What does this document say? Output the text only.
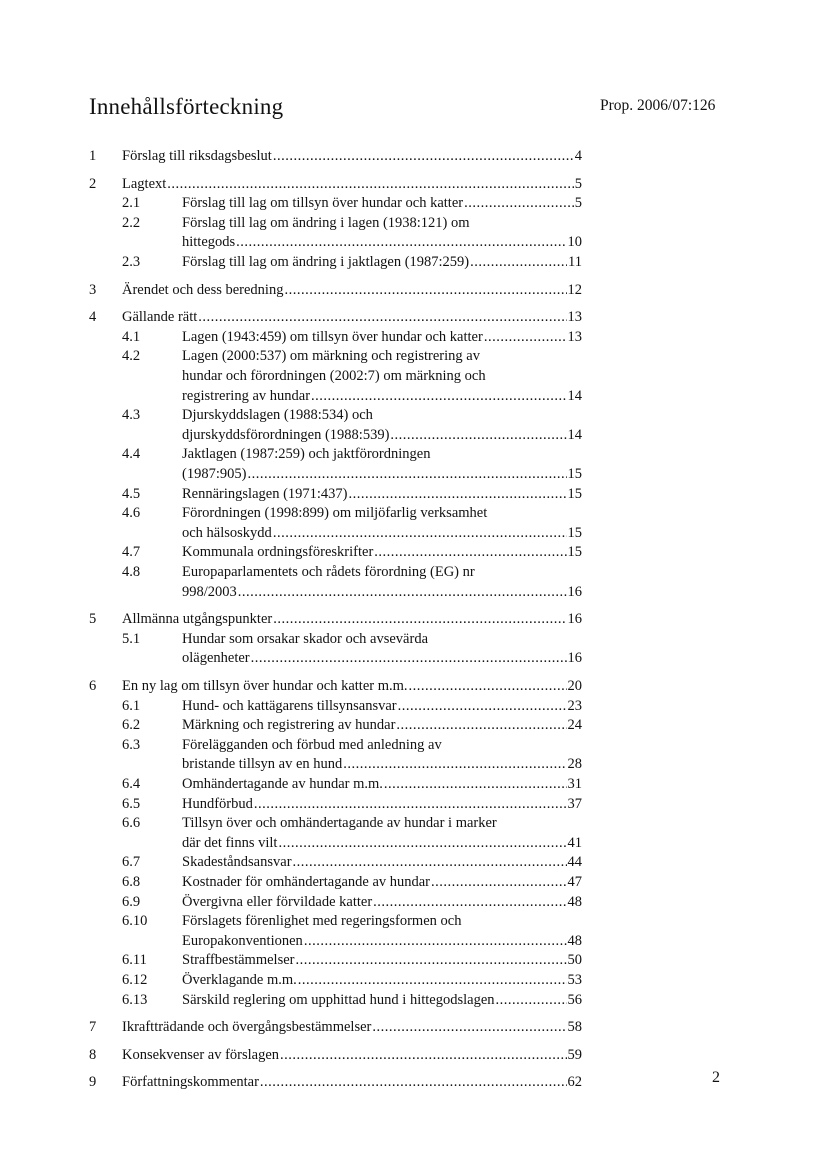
Innehållsförteckning	Prop. 2006/07:126
1 Förslag till riksdagsbeslut .....	4
2 Lagtext .....	5
2.1	Förslag till lag om tillsyn över hundar och katter .....	5
2.2	Förslag till lag om ändring i lagen (1938:121) om
hittegods .....	10
2.3	Förslag till lag om ändring i jaktlagen (1987:259) .....	11
3 Ärendet och dess beredning .....	12
4 Gällande rätt .....	13
4.1	Lagen (1943:459) om tillsyn över hundar och katter .....	13
4.2	Lagen (2000:537) om märkning och registrering av
hundar och förordningen (2002:7) om märkning och
registrering av hundar .....	14
4.3	Djurskyddslagen (1988:534) och
djurskyddsförordningen (1988:539) .....	14
4.4	Jaktlagen (1987:259) och jaktförordningen
(1987:905) .....	15
4.5	Rennäringslagen (1971:437) .....	15
4.6	Förordningen (1998:899) om miljöfarlig verksamhet
och hälsoskydd .....	15
4.7	Kommunala ordningsföreskrifter .....	15
4.8	Europaparlamentets och rådets förordning (EG) nr
998/2003 .....	16
5 Allmänna utgångspunkter .....	16
5.1	Hundar som orsakar skador och avsevärda
olägenheter .....	16
6 En ny lag om tillsyn över hundar och katter m.m. .....	20
6.1	Hund- och kattägarens tillsynsansvar .....	23
6.2	Märkning och registrering av hundar .....	24
6.3	Förelägganden och förbud med anledning av
bristande tillsyn av en hund .....	28
6.4	Omhändertagande av hundar m.m. .....	31
6.5	Hundförbud .....	37
6.6	Tillsyn över och omhändertagande av hundar i marker
där det finns vilt .....	41
6.7	Skadeståndsansvar .....	44
6.8	Kostnader för omhändertagande av hundar .....	47
6.9	Övergivna eller förvildade katter .....	48
6.10 Förslagets förenlighet med regeringsformen och
Europakonventionen .....	48
6.11 Straffbestämmelser .....	50
6.12 Överklagande m.m. .....	53
6.13 Särskild reglering om upphittad hund i hittegodslagen .....	56
7 Ikraftträdande och övergångsbestämmelser .....	58
8 Konsekvenser av förslagen .....	59
9 Författningskommentar .....	62	2
